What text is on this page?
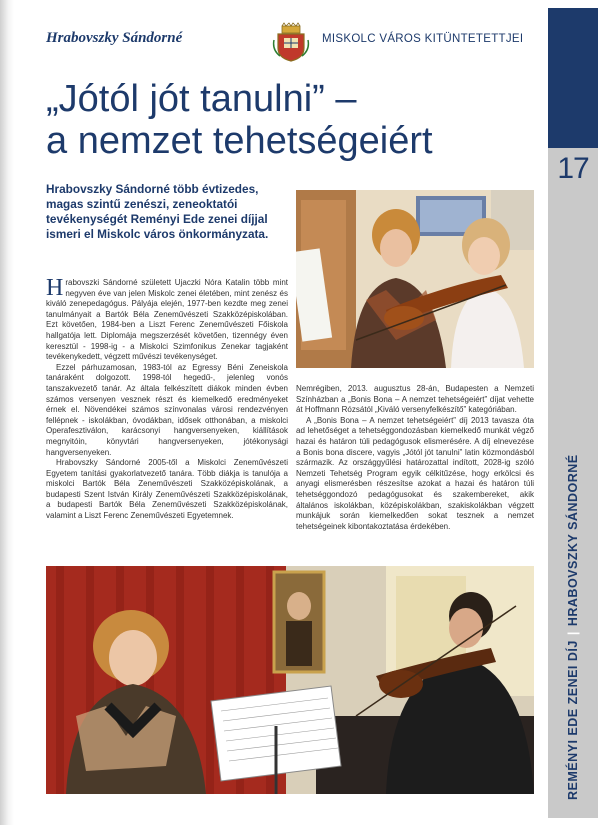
Hrabovszky Sándorné	MISKOLC VÁROS KITÜNTETETTJEI
„Jótól jót tanulni” –
a nemzet tehetségeiért
Hrabovszky Sándorné több évtizedes, magas szintű zenészi, zeneoktatói tevékenységét Reményi Ede zenei díjjal ismeri el Miskolc város önkormányzata.

Hrabovszki Sándorné született Ujaczki Nóra Katalin több mint negyven éve van jelen Miskolc zenei életében, mint zenész és kiváló zenepedagógus. Pályája elején, 1977-ben kezdte meg zenei tanulmányait a Bartók Béla Zeneművészeti Szakközépiskolában. Ezt követően, 1984-ben a Liszt Ferenc Zeneművészeti Főiskola hallgatója lett. Diplomája megszerzését követően, tizennégy éven keresztül - 1998-ig - a Miskolci Szimfonikus Zenekar tagjaként tevékenykedett, végzett művészi tevékenységet.

Ezzel párhuzamosan, 1983-tól az Egressy Béni Zeneiskola tanáraként dolgozott. 1998-tól hegedű-, jelenleg vonós tanszakvezető tanár. Az általa felkészített diákok minden évben számos versenyen vesznek részt és kiemelkedő eredményeket érnek el. Növendékei számos színvonalas városi rendezvényen fellépnek - iskolákban, óvodákban, idősek otthonában, a miskolci Operafesztiválon, karácsonyi hangversenyeken, kiállítások megnyitóin, könyvtári hangversenyeken, jótékonysági hangversenyeken.

Hrabovszky Sándorné 2005-től a Miskolci Zeneművészeti Egyetem tanítási gyakorlatvezető tanára. Több diákja is tanulója a miskolci Bartók Béla Zeneművészeti Szakközépiskolának, a budapesti Szent István Király Zeneművészeti Szakközépiskolának, a budapesti Bartók Béla Zeneművészeti Szakközépiskolának, valamint a Liszt Ferenc Zeneművészeti Egyetemnek.

Nemrégiben, 2013. augusztus 28-án, Budapesten a Nemzeti Színházban a „Bonis Bona – A nemzet tehetségeiért” díjat vehette át Hoffmann Rózsától „Kiváló versenyfelkészítő” kategóriában.

A „Bonis Bona – A nemzet tehetségeiért” díj 2013 tavasza óta ad lehetőséget a tehetséggondozásban kiemelkedő munkát végző hazai és határon túli pedagógusok elismerésére. A díj elnevezése a Bonis bona discere, vagyis „Jótól jót tanulni” latin közmondásból származik. Az országgyűlési határozattal indított, 2028-ig szóló Nemzeti Tehetség Program egyik célkitűzése, hogy erkölcsi és anyagi elismerésben részesítse azokat a hazai és határon túli tehetséggondozó pedagógusokat és szakembereket, akik általános iskolákban, középiskolákban, szakiskolákban végzett munkájuk során kiemelkedően sokat tesznek a nemzet tehetségeinek kibontakoztatása érdekében.

17
REMÉNYI EDE ZENEI DÍJ|HRABOVSZKY SÁNDORNÉ
